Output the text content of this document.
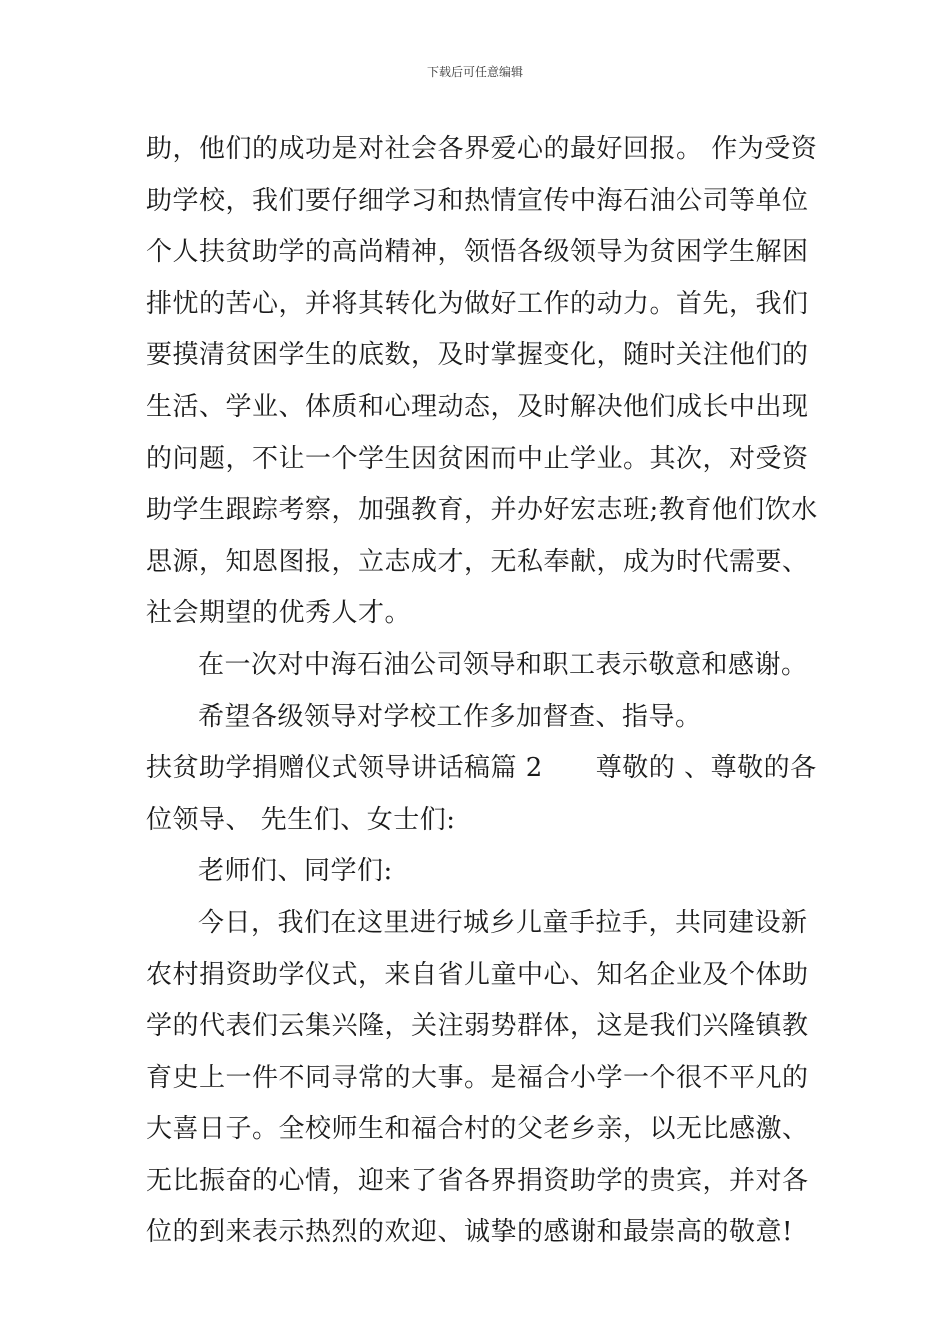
下载后可任意编辑
助，他们的成功是对社会各界爱心的最好回报。 作为受资
助学校，我们要仔细学习和热情宣传中海石油公司等单位
个人扶贫助学的高尚精神，领悟各级领导为贫困学生解困
排忧的苦心，并将其转化为做好工作的动力。首先，我们
要摸清贫困学生的底数，及时掌握变化，随时关注他们的
生活、学业、体质和心理动态，及时解决他们成长中出现
的问题，不让一个学生因贫困而中止学业。其次，对受资
助学生跟踪考察，加强教育，并办好宏志班;教育他们饮水
思源，知恩图报，立志成才，无私奉献，成为时代需要、
社会期望的优秀人才。
在一次对中海石油公司领导和职工表示敬意和感谢。
希望各级领导对学校工作多加督查、指导。
扶贫助学捐赠仪式领导讲话稿篇 2　　尊敬的 、尊敬的各
位领导、 先生们、女士们:
老师们、同学们:
今日，我们在这里进行城乡儿童手拉手，共同建设新
农村捐资助学仪式，来自省儿童中心、知名企业及个体助
学的代表们云集兴隆，关注弱势群体，这是我们兴隆镇教
育史上一件不同寻常的大事。是福合小学一个很不平凡的
大喜日子。全校师生和福合村的父老乡亲，以无比感激、
无比振奋的心情，迎来了省各界捐资助学的贵宾，并对各
位的到来表示热烈的欢迎、诚挚的感谢和最崇高的敬意!
